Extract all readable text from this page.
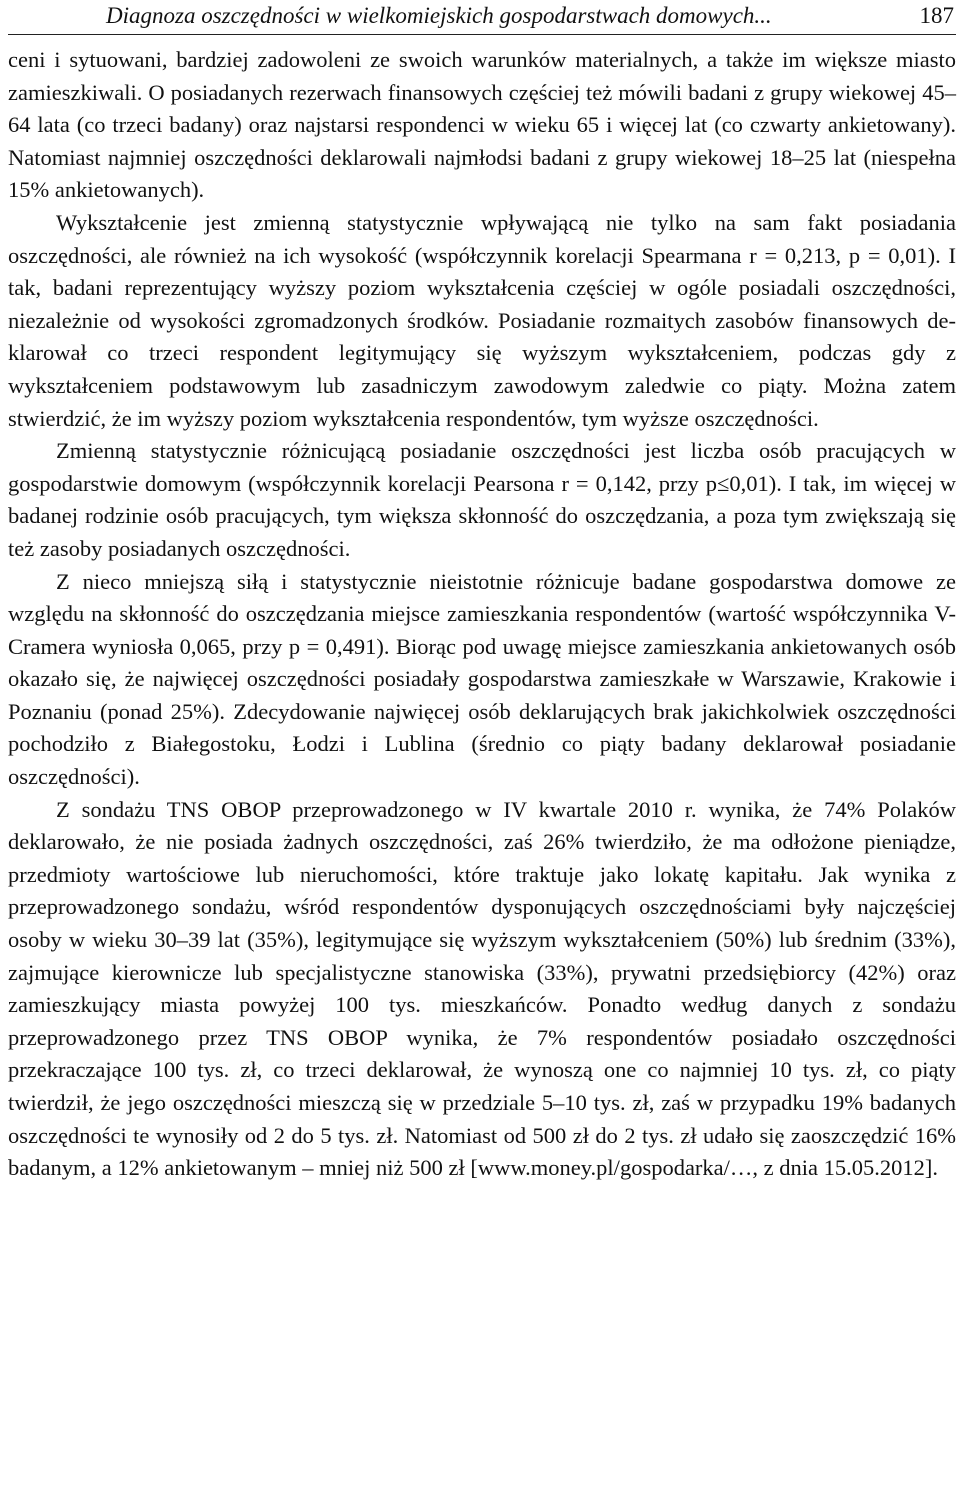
Diagnoza oszczędności w wielkomiejskich gospodarstwach domowych...	187

ceni i sytuowani, bardziej zadowoleni ze swoich warunków materialnych, a także im większe miasto zamieszkiwali. O posiadanych rezerwach finansowych częściej też mówili badani z grupy wiekowej 45–64 lata (co trzeci badany) oraz najstarsi respondenci w wieku 65 i więcej lat (co czwarty ankietowany). Natomiast najmniej oszczędności deklarowali najmłodsi badani z grupy wiekowej 18–25 lat (niespełna 15% ankietowanych).

Wykształcenie jest zmienną statystycznie wpływającą nie tylko na sam fakt posiadania oszczędności, ale również na ich wysokość (współczynnik korelacji Spearmana r = 0,213, p = 0,01). I tak, badani reprezentujący wyższy poziom wykształcenia częściej w ogóle posiadali oszczędności, niezależnie od wysokości zgromadzonych środków. Posiadanie rozmaitych zasobów finansowych deklarował co trzeci respondent legitymujący się wyższym wykształceniem, podczas gdy z wykształceniem podstawowym lub zasadniczym zawodowym zaledwie co piąty. Można zatem stwierdzić, że im wyższy poziom wykształcenia respondentów, tym wyższe oszczędności.

Zmienną statystycznie różnicującą posiadanie oszczędności jest liczba osób pracujących w gospodarstwie domowym (współczynnik korelacji Pearsona r = 0,142, przy p≤0,01). I tak, im więcej w badanej rodzinie osób pracujących, tym większa skłonność do oszczędzania, a poza tym zwiększają się też zasoby posiadanych oszczędności.

Z nieco mniejszą siłą i statystycznie nieistotnie różnicuje badane gospodarstwa domowe ze względu na skłonność do oszczędzania miejsce zamieszkania respondentów (wartość współczynnika V-Cramera wyniosła 0,065, przy p = 0,491). Biorąc pod uwagę miejsce zamieszkania ankietowanych osób okazało się, że najwięcej oszczędności posiadały gospodarstwa zamieszkałe w Warszawie, Krakowie i Poznaniu (ponad 25%). Zdecydowanie najwięcej osób deklarujących brak jakichkolwiek oszczędności pochodziło z Białegostoku, Łodzi i Lublina (średnio co piąty badany deklarował posiadanie oszczędności).

Z sondażu TNS OBOP przeprowadzonego w IV kwartale 2010 r. wynika, że 74% Polaków deklarowało, że nie posiada żadnych oszczędności, zaś 26% twierdziło, że ma odłożone pieniądze, przedmioty wartościowe lub nieruchomości, które traktuje jako lokatę kapitału. Jak wynika z przeprowadzonego sondażu, wśród respondentów dysponujących oszczędnościami były najczęściej osoby w wieku 30–39 lat (35%), legitymujące się wyższym wykształceniem (50%) lub średnim (33%), zajmujące kierownicze lub specjalistyczne stanowiska (33%), prywatni przedsiębiorcy (42%) oraz zamieszkujący miasta powyżej 100 tys. mieszkańców. Ponadto według danych z sondażu przeprowadzonego przez TNS OBOP wynika, że 7% respondentów posiadało oszczędności przekraczające 100 tys. zł, co trzeci deklarował, że wynoszą one co najmniej 10 tys. zł, co piąty twierdził, że jego oszczędności mieszczą się w przedziale 5–10 tys. zł, zaś w przypadku 19% badanych oszczędności te wynosiły od 2 do 5 tys. zł. Natomiast od 500 zł do 2 tys. zł udało się zaoszczędzić 16% badanym, a 12% ankietowanym – mniej niż 500 zł [www.money.pl/gospodarka/…, z dnia 15.05.2012].
